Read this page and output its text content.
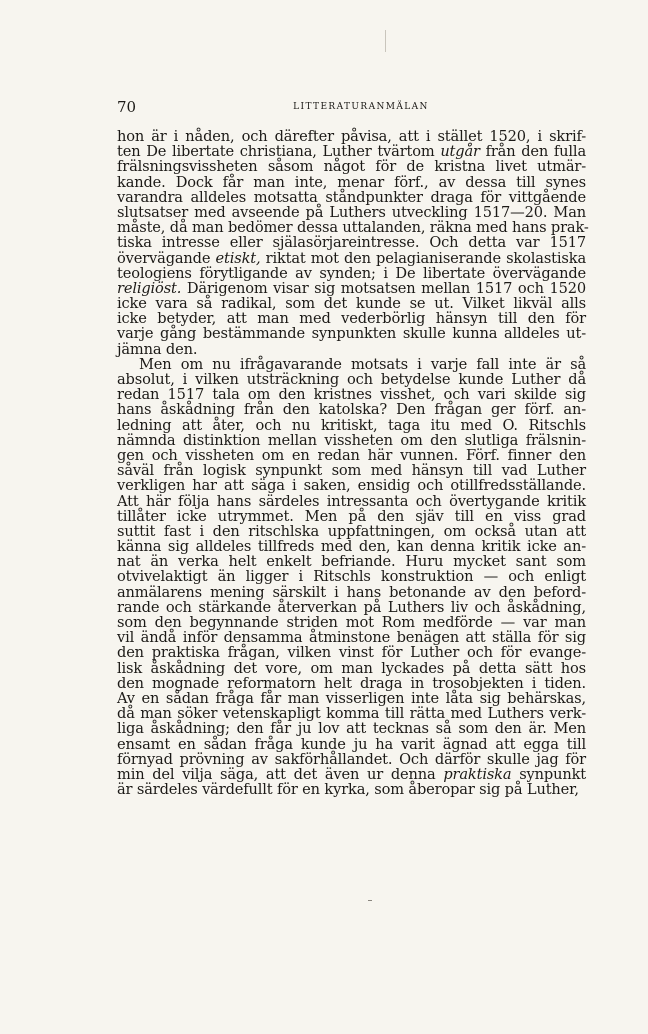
70	LITTERATURANMÄLAN
hon är i nåden, och därefter påvisa, att i stället 1520, i skrif-
ten De libertate christiana, Luther tvärtom utgår från den fulla
frälsningsvissheten såsom något för de kristna livet utmär-
kande. Dock får man inte, menar förf., av dessa till synes
varandra alldeles motsatta ståndpunkter draga för vittgående
slutsatser med avseende på Luthers utveckling 1517—20. Man
måste, då man bedömer dessa uttalanden, räkna med hans prak-
tiska intresse eller själasörjareintresse. Och detta var 1517
övervägande etiskt, riktat mot den pelagianiserande skolastiska
teologiens förytligande av synden; i De libertate övervägande
religiöst. Därigenom visar sig motsatsen mellan 1517 och 1520
icke vara så radikal, som det kunde se ut. Vilket likväl alls
icke betyder, att man med vederbörlig hänsyn till den för
varje gång bestämmande synpunkten skulle kunna alldeles ut-
jämna den.
Men om nu ifrågavarande motsats i varje fall inte är så
absolut, i vilken utsträckning och betydelse kunde Luther då
redan 1517 tala om den kristnes visshet, och vari skilde sig
hans åskådning från den katolska? Den frågan ger förf. an-
ledning att åter, och nu kritiskt, taga itu med O. Ritschls
nämnda distinktion mellan vissheten om den slutliga frälsnin-
gen och vissheten om en redan här vunnen. Förf. finner den
såväl från logisk synpunkt som med hänsyn till vad Luther
verkligen har att säga i saken, ensidig och otillfredsställande.
Att här följa hans särdeles intressanta och övertygande kritik
tillåter icke utrymmet. Men på den sjäv till en viss grad
suttit fast i den ritschlska uppfattningen, om också utan att
känna sig alldeles tillfreds med den, kan denna kritik icke an-
nat än verka helt enkelt befriande. Huru mycket sant som
otvivelaktigt än ligger i Ritschls konstruktion — och enligt
anmälarens mening särskilt i hans betonande av den beford-
rande och stärkande återverkan på Luthers liv och åskådning,
som den begynnande striden mot Rom medförde — var man
vil ändå inför densamma åtminstone benägen att ställa för sig
den praktiska frågan, vilken vinst för Luther och för evange-
lisk åskådning det vore, om man lyckades på detta sätt hos
den mognade reformatorn helt draga in trosobjekten i tiden.
Av en sådan fråga får man visserligen inte låta sig behärskas,
då man söker vetenskapligt komma till rätta med Luthers verk-
liga åskådning; den får ju lov att tecknas så som den är. Men
ensamt en sådan fråga kunde ju ha varit ägnad att egga till
förnyad prövning av sakförhållandet. Och därför skulle jag för
min del vilja säga, att det även ur denna praktiska synpunkt
är särdeles värdefullt för en kyrka, som åberopar sig på Luther,
